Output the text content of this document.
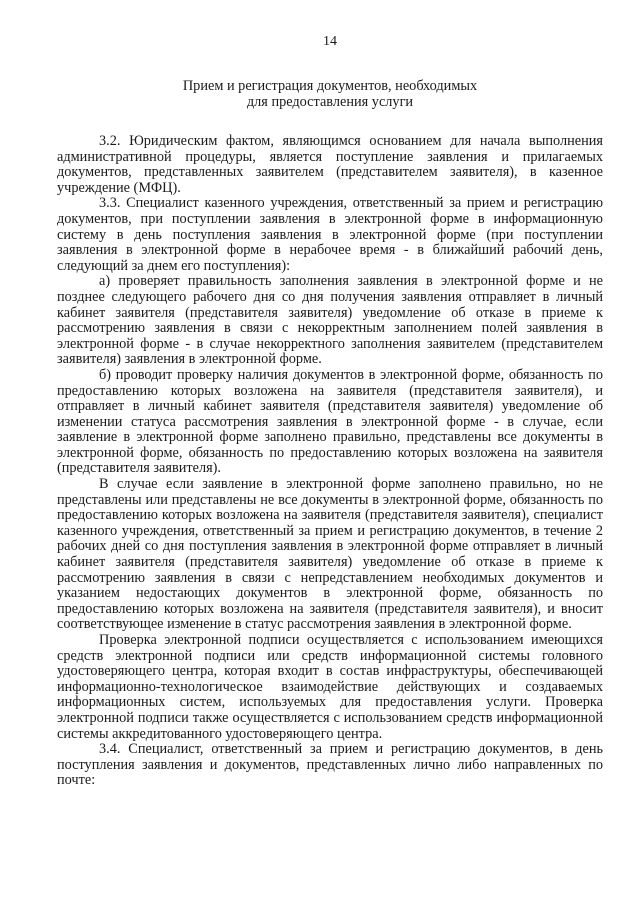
14
Прием и регистрация документов, необходимых
для предоставления услуги

3.2. Юридическим фактом, являющимся основанием для начала выполнения административной процедуры, является поступление заявления и прилагаемых документов, представленных заявителем (представителем заявителя), в казенное учреждение (МФЦ).

3.3. Специалист казенного учреждения, ответственный за прием и регистрацию документов, при поступлении заявления в электронной форме в информационную систему в день поступления заявления в электронной форме (при поступлении заявления в электронной форме в нерабочее время - в ближайший рабочий день, следующий за днем его поступления):

а) проверяет правильность заполнения заявления в электронной форме и не позднее следующего рабочего дня со дня получения заявления отправляет в личный кабинет заявителя (представителя заявителя) уведомление об отказе в приеме к рассмотрению заявления в связи с некорректным заполнением полей заявления в электронной форме - в случае некорректного заполнения заявителем (представителем заявителя) заявления в электронной форме.

б) проводит проверку наличия документов в электронной форме, обязанность по предоставлению которых возложена на заявителя (представителя заявителя), и отправляет в личный кабинет заявителя (представителя заявителя) уведомление об изменении статуса рассмотрения заявления в электронной форме - в случае, если заявление в электронной форме заполнено правильно, представлены все документы в электронной форме, обязанность по предоставлению которых возложена на заявителя (представителя заявителя).

В случае если заявление в электронной форме заполнено правильно, но не представлены или представлены не все документы в электронной форме, обязанность по предоставлению которых возложена на заявителя (представителя заявителя), специалист казенного учреждения, ответственный за прием и регистрацию документов, в течение 2 рабочих дней со дня поступления заявления в электронной форме отправляет в личный кабинет заявителя (представителя заявителя) уведомление об отказе в приеме к рассмотрению заявления в связи с непредставлением необходимых документов и указанием недостающих документов в электронной форме, обязанность по предоставлению которых возложена на заявителя (представителя заявителя), и вносит соответствующее изменение в статус рассмотрения заявления в электронной форме.

Проверка электронной подписи осуществляется с использованием имеющихся средств электронной подписи или средств информационной системы головного удостоверяющего центра, которая входит в состав инфраструктуры, обеспечивающей информационно-технологическое взаимодействие действующих и создаваемых информационных систем, используемых для предоставления услуги. Проверка электронной подписи также осуществляется с использованием средств информационной системы аккредитованного удостоверяющего центра.

3.4. Специалист, ответственный за прием и регистрацию документов, в день поступления заявления и документов, представленных лично либо направленных по почте:
